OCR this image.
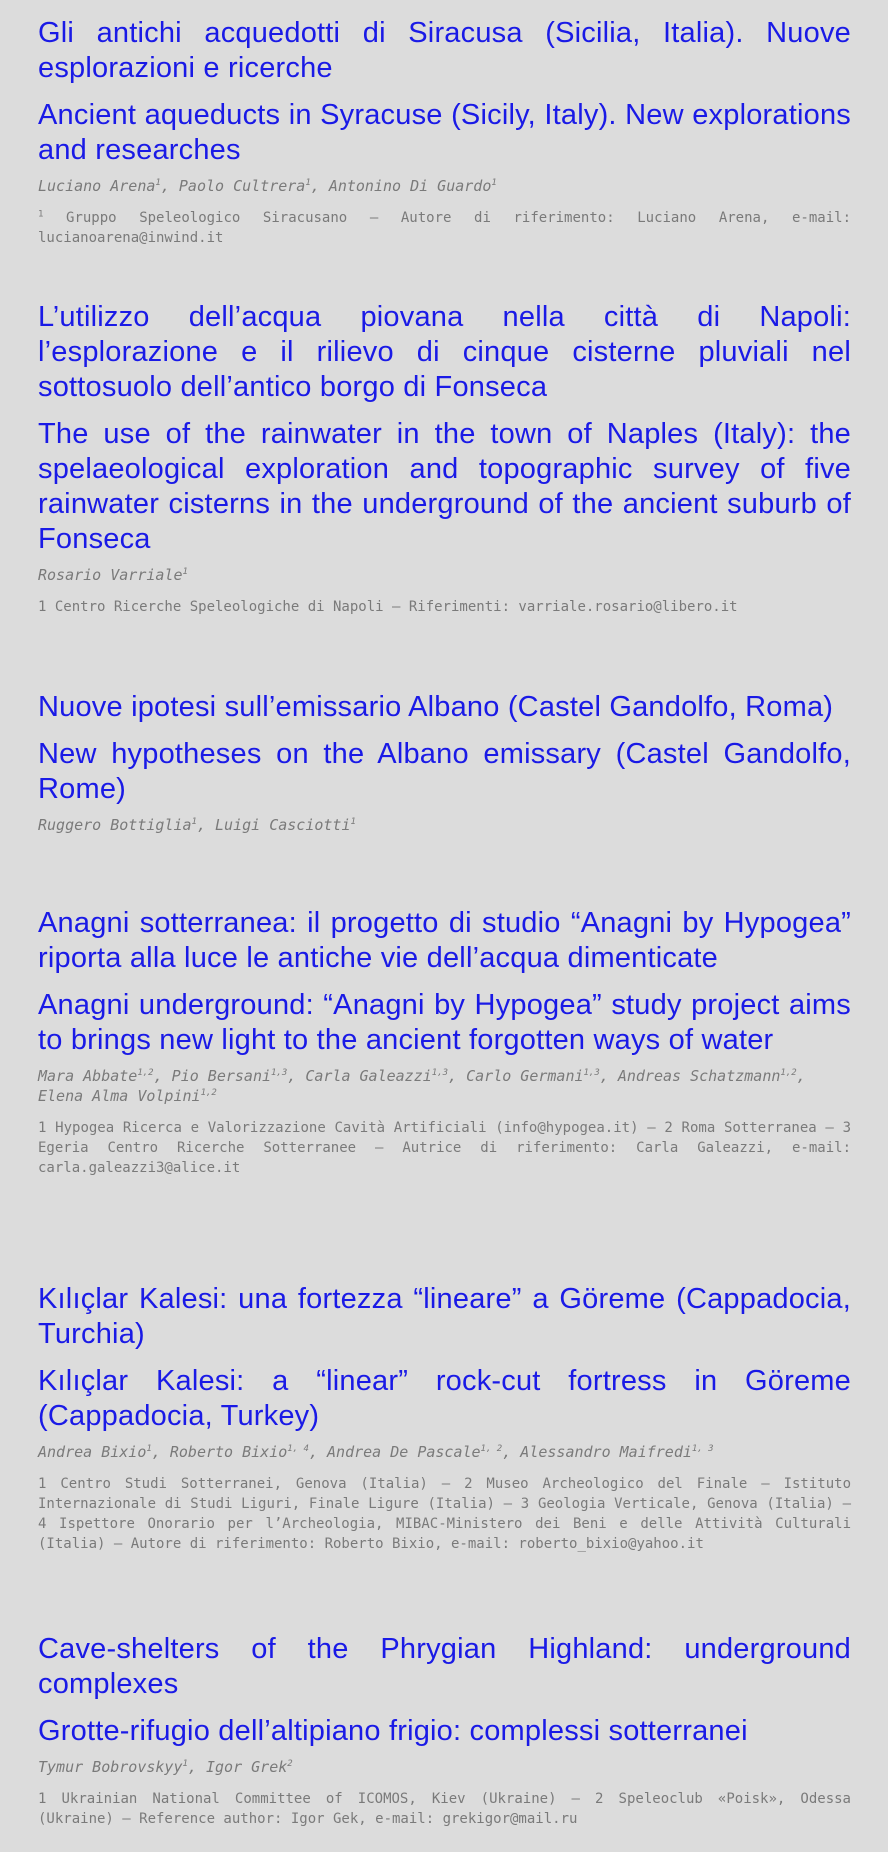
Gli antichi acquedotti di Siracusa (Sicilia, Italia). Nuove esplorazioni e ricerche
Ancient aqueducts in Syracuse (Sicily, Italy). New explorations and researches

Luciano Arena$^1$, Paolo Cultrera$^1$, Antonino Di Guardo$^1$

$^1$ Gruppo Speleologico Siracusano – Autore di riferimento: Luciano Arena, e-mail: lucianoarena@inwind.it

L’utilizzo dell’acqua piovana nella città di Napoli: l’esplorazione e il rilievo di cinque cisterne pluviali nel sottosuolo dell’antico borgo di Fonseca
The use of the rainwater in the town of Naples (Italy): the spelaeological exploration and topographic survey of five rainwater cisterns in the underground of the ancient suburb of Fonseca

Rosario Varriale$^1$

1 Centro Ricerche Speleologiche di Napoli – Riferimenti: varriale.rosario@libero.it

Nuove ipotesi sull’emissario Albano (Castel Gandolfo, Roma)
New hypotheses on the Albano emissary (Castel Gandolfo, Rome)

Ruggero Bottiglia$^1$, Luigi Casciotti$^1$

Anagni sotterranea: il progetto di studio “Anagni by Hypogea” riporta alla luce le antiche vie dell’acqua dimenticate
Anagni underground: “Anagni by Hypogea” study project aims to brings new light to the ancient forgotten ways of water

Mara Abbate$^{1,2}$, Pio Bersani$^{1,3}$, Carla Galeazzi$^{1,3}$, Carlo Germani$^{1,3}$, Andreas Schatzmann$^{1,2}$, Elena Alma Volpini$^{1,2}$

1 Hypogea Ricerca e Valorizzazione Cavità Artificiali (info@hypogea.it) – 2 Roma Sotterranea – 3 Egeria Centro Ricerche Sotterranee – Autrice di riferimento: Carla Galeazzi, e-mail: carla.galeazzi3@alice.it

Kılıçlar Kalesi: una fortezza “lineare” a Göreme (Cappadocia, Turchia)
Kılıçlar Kalesi: a “linear” rock-cut fortress in Göreme (Cappadocia, Turkey)

Andrea Bixio$^1$, Roberto Bixio$^{1, 4}$, Andrea De Pascale$^{1, 2}$, Alessandro Maifredi$^{1, 3}$

1 Centro Studi Sotterranei, Genova (Italia) – 2 Museo Archeologico del Finale – Istituto Internazionale di Studi Liguri, Finale Ligure (Italia) – 3 Geologia Verticale, Genova (Italia) – 4 Ispettore Onorario per l’Archeologia, MIBAC-Ministero dei Beni e delle Attività Culturali (Italia) – Autore di riferimento: Roberto Bixio, e-mail: roberto_bixio@yahoo.it

Cave-shelters of the Phrygian Highland: underground complexes
Grotte-rifugio dell’altipiano frigio: complessi sotterranei

Tymur Bobrovskyy$^1$, Igor Grek$^2$

1 Ukrainian National Committee of ICOMOS, Kiev (Ukraine) – 2 Speleoclub «Poisk», Odessa (Ukraine) – Reference author: Igor Gek, e-mail: grekigor@mail.ru
